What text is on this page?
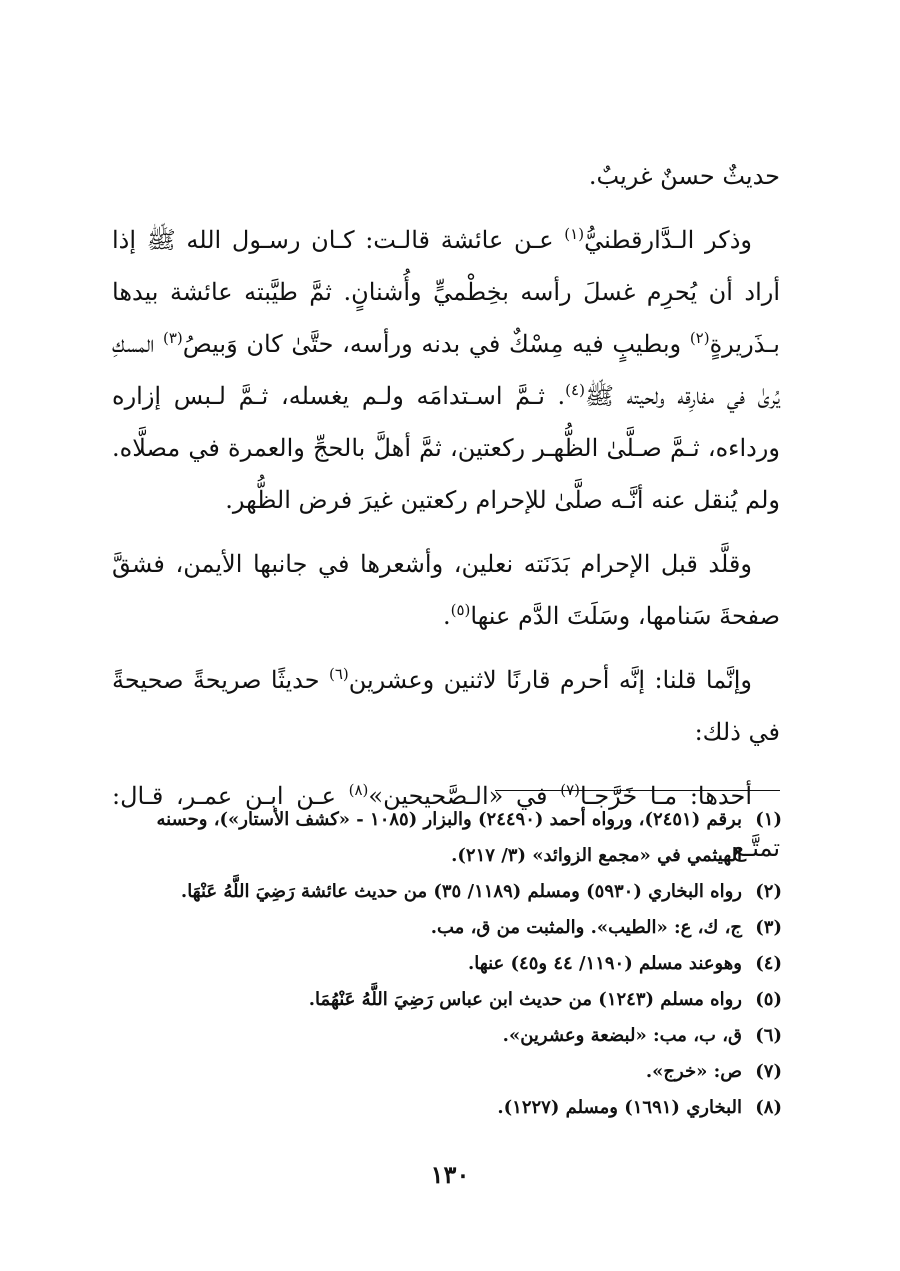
حديثٌ حسنٌ غريبٌ.

وذكر الـدَّارقطنيُّ$^{(١)}$ عـن عائشة قالـت: كـان رسـول الله ﷺ إذا أراد أن يُحرِم غسلَ رأسه بخِطْميٍّ وأُشنانٍ. ثمَّ طيَّبته عائشة بيدها بـذَريرةٍ$^{(٢)}$ وبطيبٍ فيه مِسْكٌ في بدنه ورأسه، حتَّىٰ كان وَبيصُ$^{(٣)}$ المسكِ يُرىٰ في مفارِقه ولحيته ﷺ$^{(٤)}$. ثـمَّ اسـتدامَه ولـم يغسله، ثـمَّ لـبس إزاره ورداءه، ثـمَّ صـلَّىٰ الظُّهـر ركعتين، ثمَّ أهلَّ بالحجِّ والعمرة في مصلَّاه. ولم يُنقل عنه أنَّـه صلَّىٰ للإحرام ركعتين غيرَ فرض الظُّهر.

وقلَّد قبل الإحرام بَدَنَته نعلين، وأشعرها في جانبها الأيمن، فشقَّ صفحةَ سَنامها، وسَلَتَ الدَّم عنها$^{(٥)}$.

وإنَّما قلنا: إنَّه أحرم قارنًا لاثنين وعشرين$^{(٦)}$ حديثًا صريحةً صحيحةً في ذلك:

أحدها: مـا خَرَّجـا$^{(٧)}$ في «الـصَّحيحين»$^{(٨)}$ عـن ابـن عمـر، قـال: تمتَّـع

(١)
برقم (٢٤٥١)، ورواه أحمد (٢٤٤٩٠) والبزار (١٠٨٥ - «كشف الأستار»)، وحسنه الهيثمي في «مجمع الزوائد» (٣/ ٢١٧).
(٢)
رواه البخاري (٥٩٣٠) ومسلم (١١٨٩/ ٣٥) من حديث عائشة رَضِيَ اللَّهُ عَنْهَا.
(٣)
ج، ك، ع: «الطيب». والمثبت من ق، مب.
(٤)
وهوعند مسلم (١١٩٠/ ٤٤ و٤٥) عنها.
(٥)
رواه مسلم (١٢٤٣) من حديث ابن عباس رَضِيَ اللَّهُ عَنْهُمَا.
(٦)
ق، ب، مب: «لبضعة وعشرين».
(٧)
ص: «خرج».
(٨)
البخاري (١٦٩١) ومسلم (١٢٢٧).
١٣٠
